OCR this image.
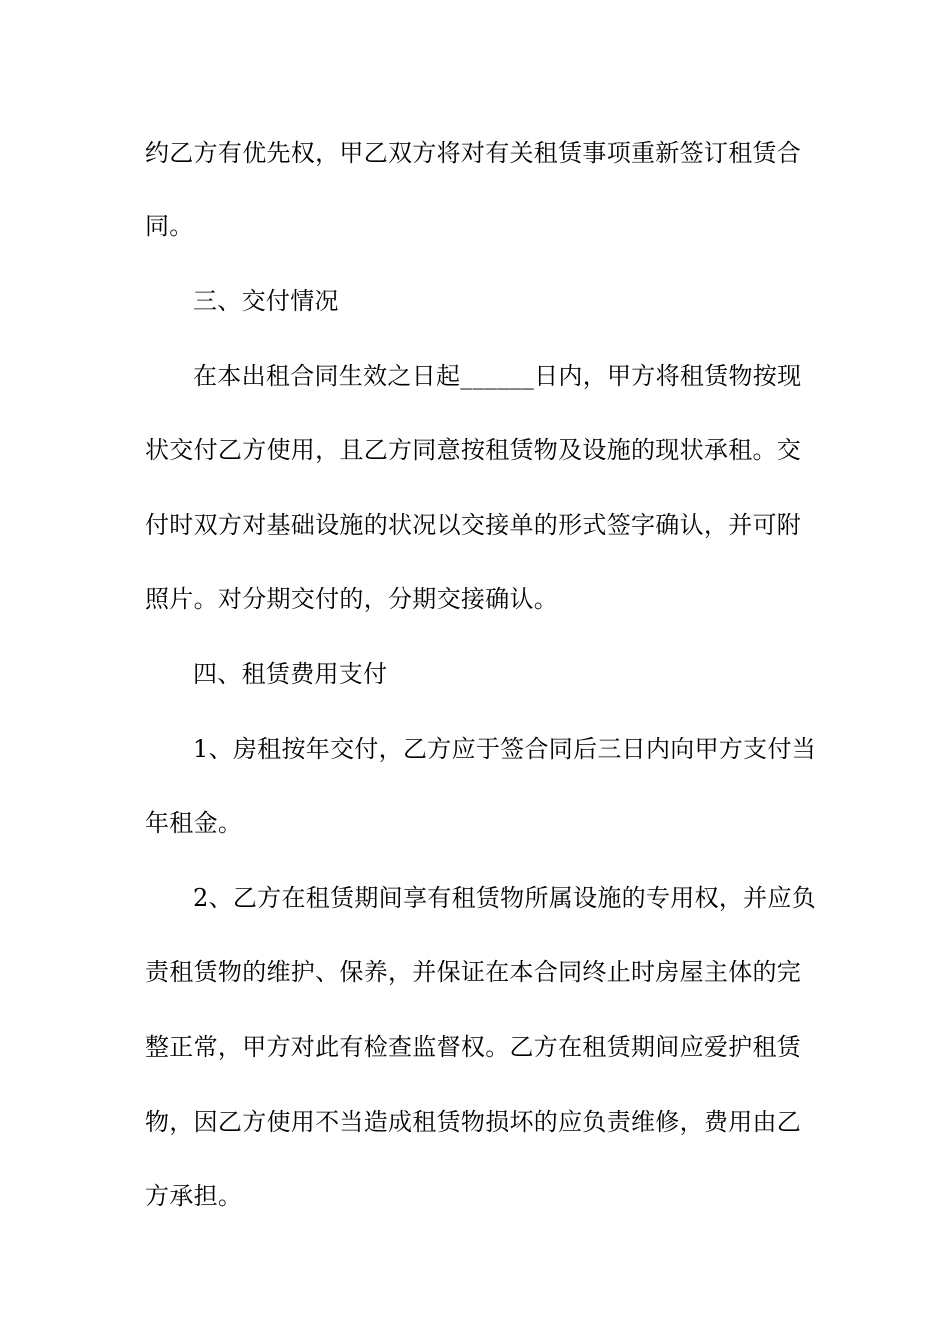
约乙方有优先权，甲乙双方将对有关租赁事项重新签订租赁合
同。
三、交付情况
在本出租合同生效之日起______日内，甲方将租赁物按现
状交付乙方使用，且乙方同意按租赁物及设施的现状承租。交
付时双方对基础设施的状况以交接单的形式签字确认，并可附
照片。对分期交付的，分期交接确认。
四、租赁费用支付
1、房租按年交付，乙方应于签合同后三日内向甲方支付当
年租金。
2、乙方在租赁期间享有租赁物所属设施的专用权，并应负
责租赁物的维护、保养，并保证在本合同终止时房屋主体的完
整正常，甲方对此有检查监督权。乙方在租赁期间应爱护租赁
物，因乙方使用不当造成租赁物损坏的应负责维修，费用由乙
方承担。
